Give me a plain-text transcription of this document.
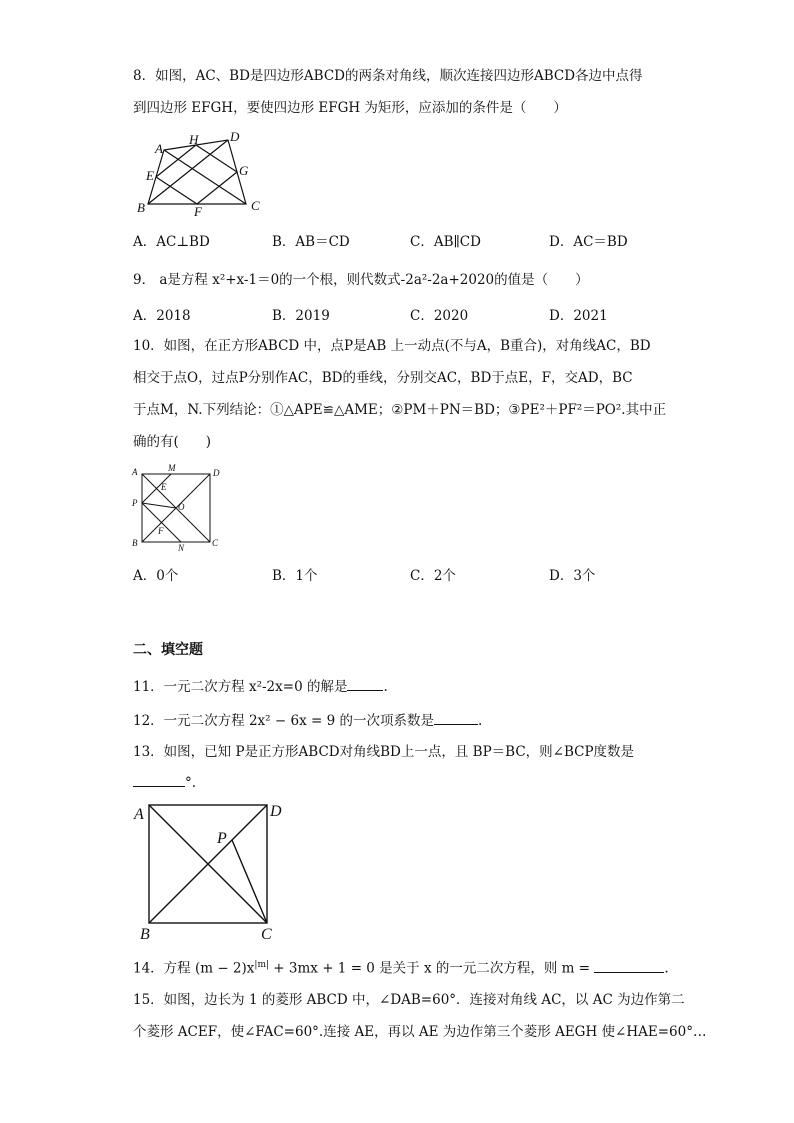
8．如图，AC、BD是四边形ABCD的两条对角线，顺次连接四边形ABCD各边中点得
到四边形 EFGH，要使四边形 EFGH 为矩形，应添加的条件是（　　）
A
H D
E	G
B	F	C
A．AC⊥BD	B．AB＝CD	C．AB∥CD	D．AC＝BD
9． a是方程 x²+x-1＝0的一个根，则代数式-2a²-2a+2020的值是（　　）
A．2018	B．2019	C．2020	D．2021
10．如图，在正方形ABCD 中，点P是AB 上一动点(不与A，B重合)，对角线AC，BD
相交于点O，过点P分别作AC，BD的垂线，分别交AC，BD于点E，F，交AD，BC
于点M，N.下列结论：①△APE≌△AME；②PM＋PN＝BD；③PE²＋PF²＝PO².其中正
确的有(　　)
A	M	D
E
P	O
F
B	N	C
A．0个	B．1个	C．2个	D．3个
二、填空题
11．一元二次方程 x²-2x=0 的解是	.
12．一元二次方程 2x² − 6x = 9 的一次项系数是	.
13．如图，已知 P是正方形ABCD对角线BD上一点，且 BP＝BC，则∠BCP度数是
°.
A	D
P
B	C
14．方程 $(m - 2)x^{|m|} + 3mx + 1 = 0$ 是关于 x 的一元二次方程，则 m =	.
15．如图，边长为 1 的菱形 ABCD 中，∠DAB=60°．连接对角线 AC，以 AC 为边作第二
个菱形 ACEF，使∠FAC=60°.连接 AE，再以 AE 为边作第三个菱形 AEGH 使∠HAE=60°…
